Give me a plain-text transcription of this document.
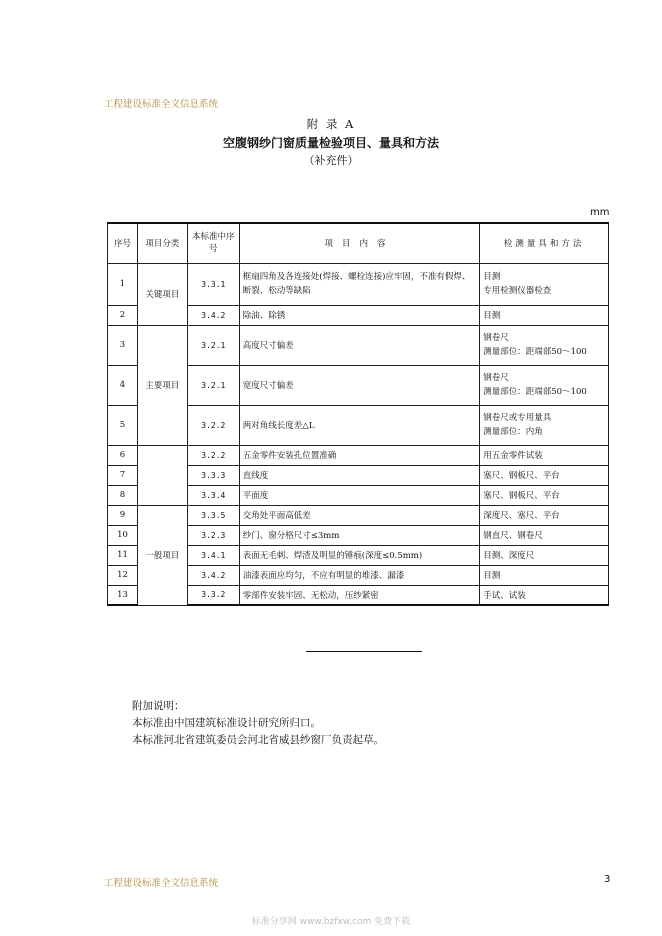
工程建设标准全文信息系统
附 录 A
空腹钢纱门窗质量检验项目、量具和方法
（补充件）
mm
序号	项目分类	本标准中序　号	项目内容	检测量具和方法
1	关键项目	3.3.1	框扇四角及各连接处(焊接、螺栓连接)应牢固，不准有假焊、断裂、松动等缺陷	目测
专用检测仪器检查

2		3.4.2	除油、除锈	目测
3	主要项目	3.2.1	高度尺寸偏差	钢卷尺
测量部位：距端部50～100

4		3.2.1	宽度尺寸偏差	钢卷尺
测量部位：距端部50～100

5		3.2.2	两对角线长度差△L	钢卷尺或专用量具
测量部位：内角

6		3.2.2	五金零件安装孔位置准确	用五金零件试装
7		3.3.3	直线度	塞尺、钢板尺、平台
8		3.3.4	平面度	塞尺、钢板尺、平台
9	一般项目	3.3.5	交角处平面高低差	深度尺、塞尺、平台
10		3.2.3	纱门、窗分格尺寸≤3mm	钢直尺、钢卷尺
11		3.4.1	表面无毛刺、焊渣及明显的锤痕(深度≤0.5mm)	目测、深度尺
12		3.4.2	油漆表面应均匀，不应有明显的堆漆、漏漆	目测
13		3.3.2	零部件安装牢固、无松动，压纱紧密	手试、试装
附加说明：
本标准由中国建筑标准设计研究所归口。
本标准河北省建筑委员会河北省威县纱窗厂负责起草。
工程建设标准全文信息系统	3
标准分享网 www.bzfxw.com 免费下载
